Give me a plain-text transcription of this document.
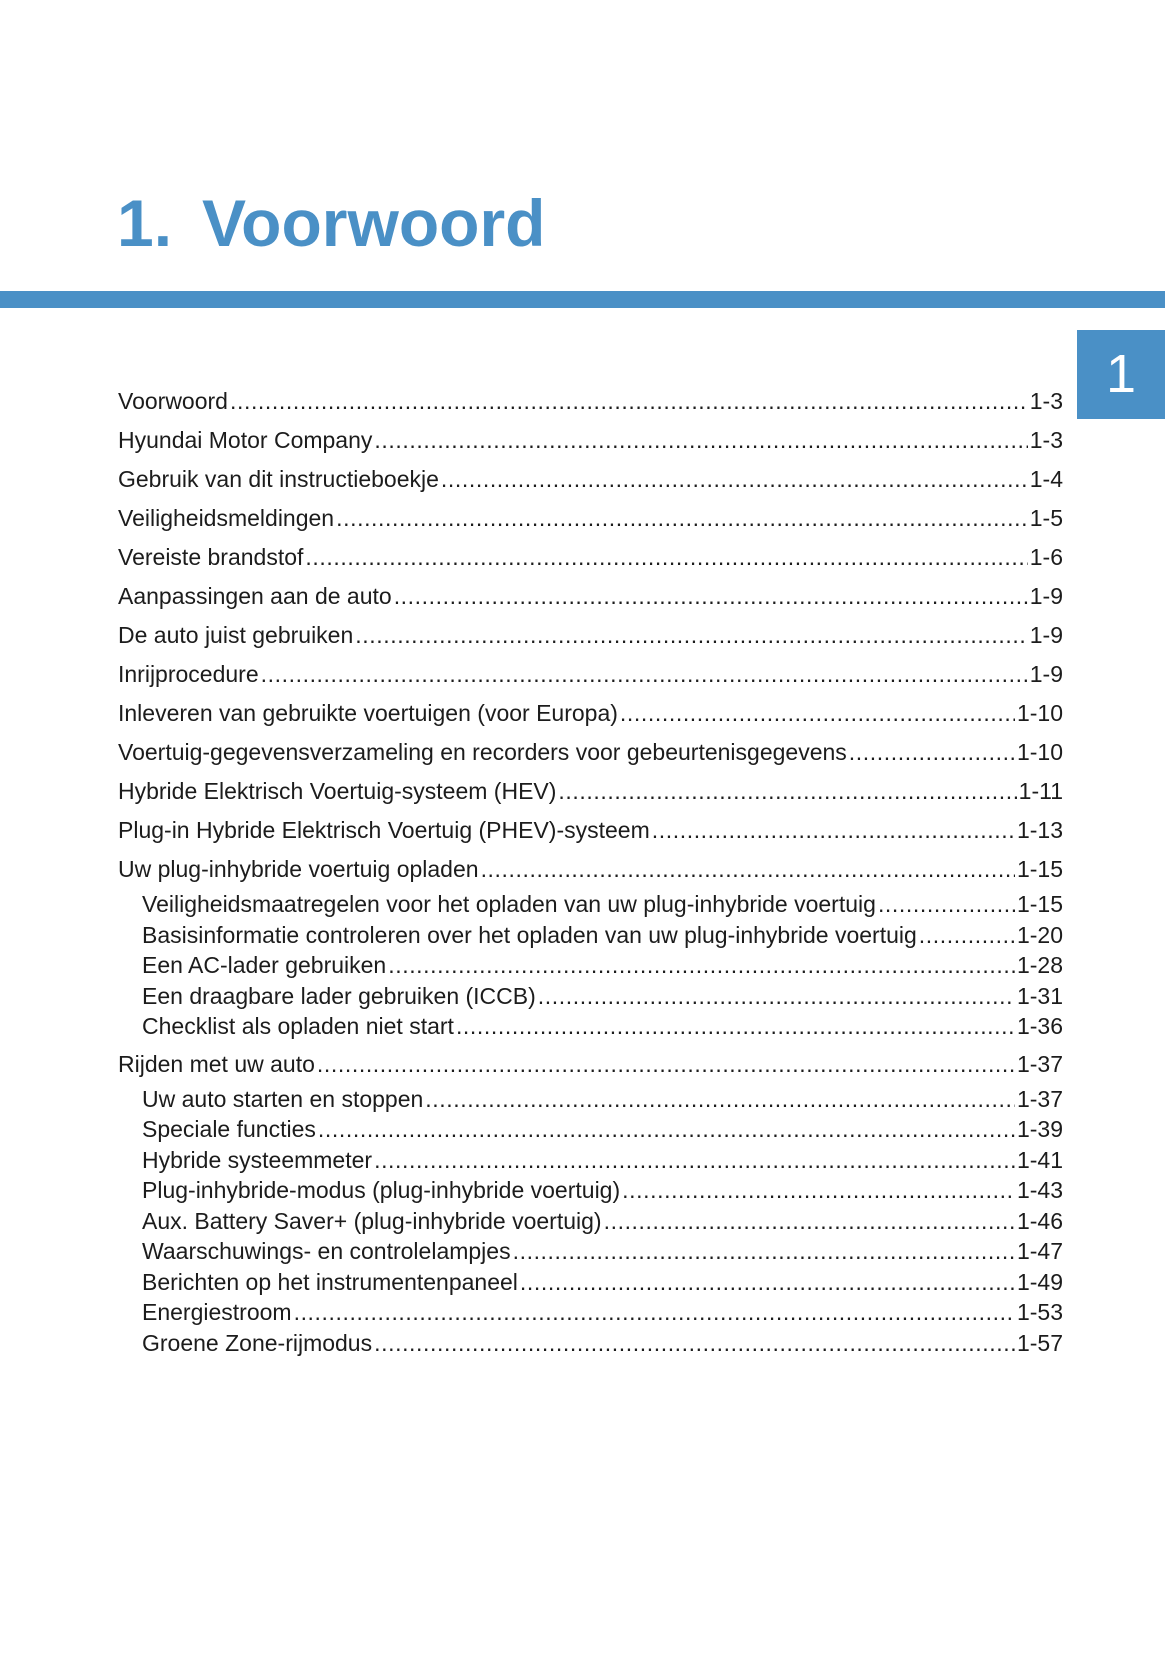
1. Voorwoord
1
Voorwoord .....	1-3
Hyundai Motor Company .....	1-3
Gebruik van dit instructieboekje .....	1-4
Veiligheidsmeldingen .....	1-5
Vereiste brandstof .....	1-6
Aanpassingen aan de auto .....	1-9
De auto juist gebruiken .....	1-9
Inrijprocedure .....	1-9
Inleveren van gebruikte voertuigen (voor Europa) .....	1-10
Voertuig-gegevensverzameling en recorders voor gebeurtenisgegevens .....	1-10
Hybride Elektrisch Voertuig-systeem (HEV) .....	1-11
Plug-in Hybride Elektrisch Voertuig (PHEV)-systeem .....	1-13
Uw plug-inhybride voertuig opladen .....	1-15
Veiligheidsmaatregelen voor het opladen van uw plug-inhybride voertuig .....	1-15
Basisinformatie controleren over het opladen van uw plug-inhybride voertuig .....	1-20
Een AC-lader gebruiken .....	1-28
Een draagbare lader gebruiken (ICCB) .....	1-31
Checklist als opladen niet start .....	1-36
Rijden met uw auto .....	1-37
Uw auto starten en stoppen .....	1-37
Speciale functies .....	1-39
Hybride systeemmeter .....	1-41
Plug-inhybride-modus (plug-inhybride voertuig) .....	1-43
Aux. Battery Saver+ (plug-inhybride voertuig) .....	1-46
Waarschuwings- en controlelampjes .....	1-47
Berichten op het instrumentenpaneel .....	1-49
Energiestroom .....	1-53
Groene Zone-rijmodus .....	1-57
